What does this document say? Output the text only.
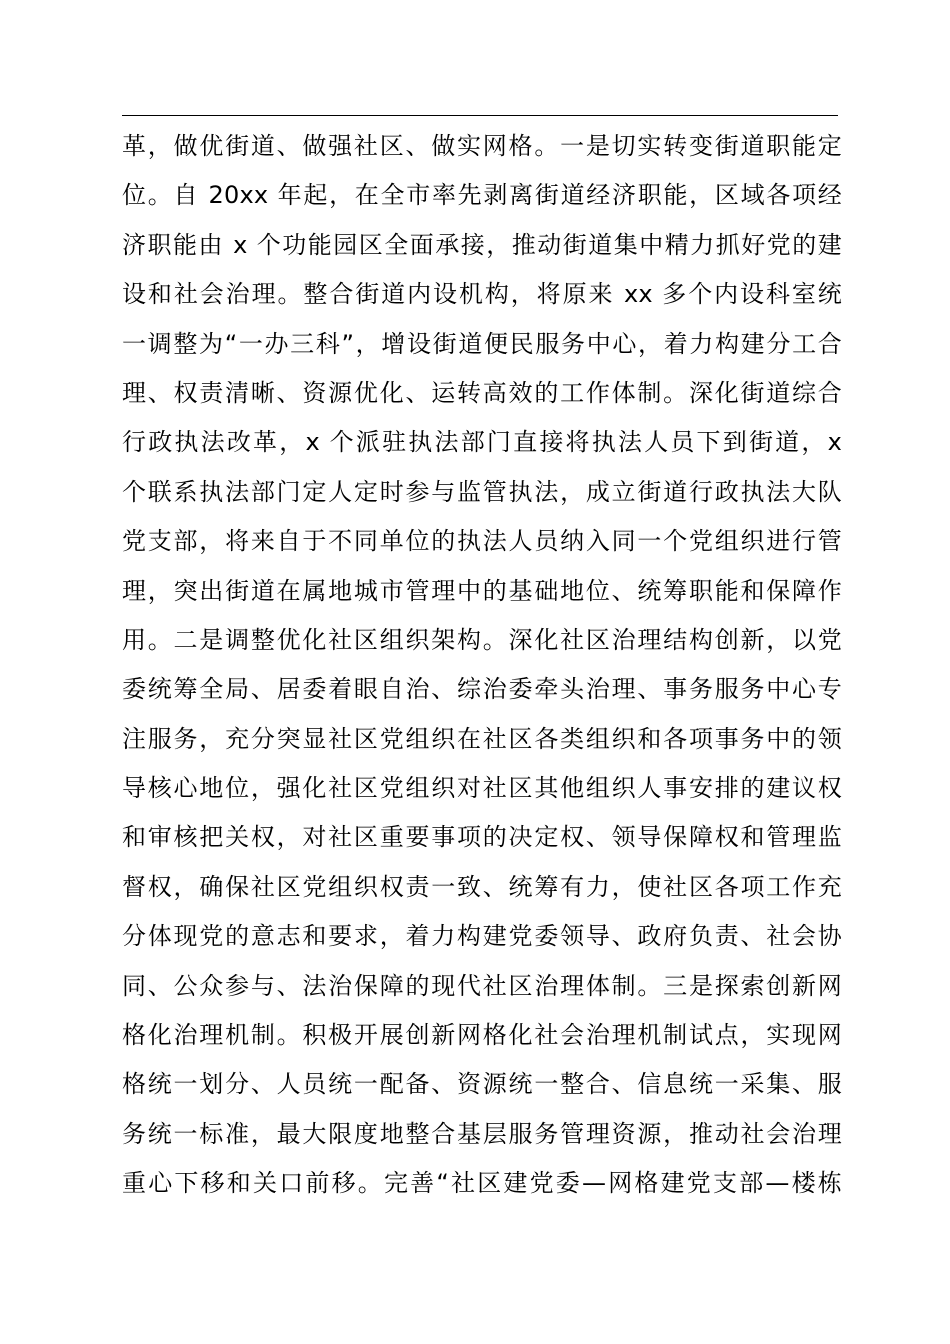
革，做优街道、做强社区、做实网格。一是切实转变街道职能定
位。自 20xx 年起，在全市率先剥离街道经济职能，区域各项经
济职能由 x 个功能园区全面承接，推动街道集中精力抓好党的建
设和社会治理。整合街道内设机构，将原来 xx 多个内设科室统
一调整为“一办三科”，增设街道便民服务中心，着力构建分工合
理、权责清晰、资源优化、运转高效的工作体制。深化街道综合
行政执法改革，x 个派驻执法部门直接将执法人员下到街道，x
个联系执法部门定人定时参与监管执法，成立街道行政执法大队
党支部，将来自于不同单位的执法人员纳入同一个党组织进行管
理，突出街道在属地城市管理中的基础地位、统筹职能和保障作
用。二是调整优化社区组织架构。深化社区治理结构创新，以党
委统筹全局、居委着眼自治、综治委牵头治理、事务服务中心专
注服务，充分突显社区党组织在社区各类组织和各项事务中的领
导核心地位，强化社区党组织对社区其他组织人事安排的建议权
和审核把关权，对社区重要事项的决定权、领导保障权和管理监
督权，确保社区党组织权责一致、统筹有力，使社区各项工作充
分体现党的意志和要求，着力构建党委领导、政府负责、社会协
同、公众参与、法治保障的现代社区治理体制。三是探索创新网
格化治理机制。积极开展创新网格化社会治理机制试点，实现网
格统一划分、人员统一配备、资源统一整合、信息统一采集、服
务统一标准，最大限度地整合基层服务管理资源，推动社会治理
重心下移和关口前移。完善“社区建党委—网格建党支部—楼栋
